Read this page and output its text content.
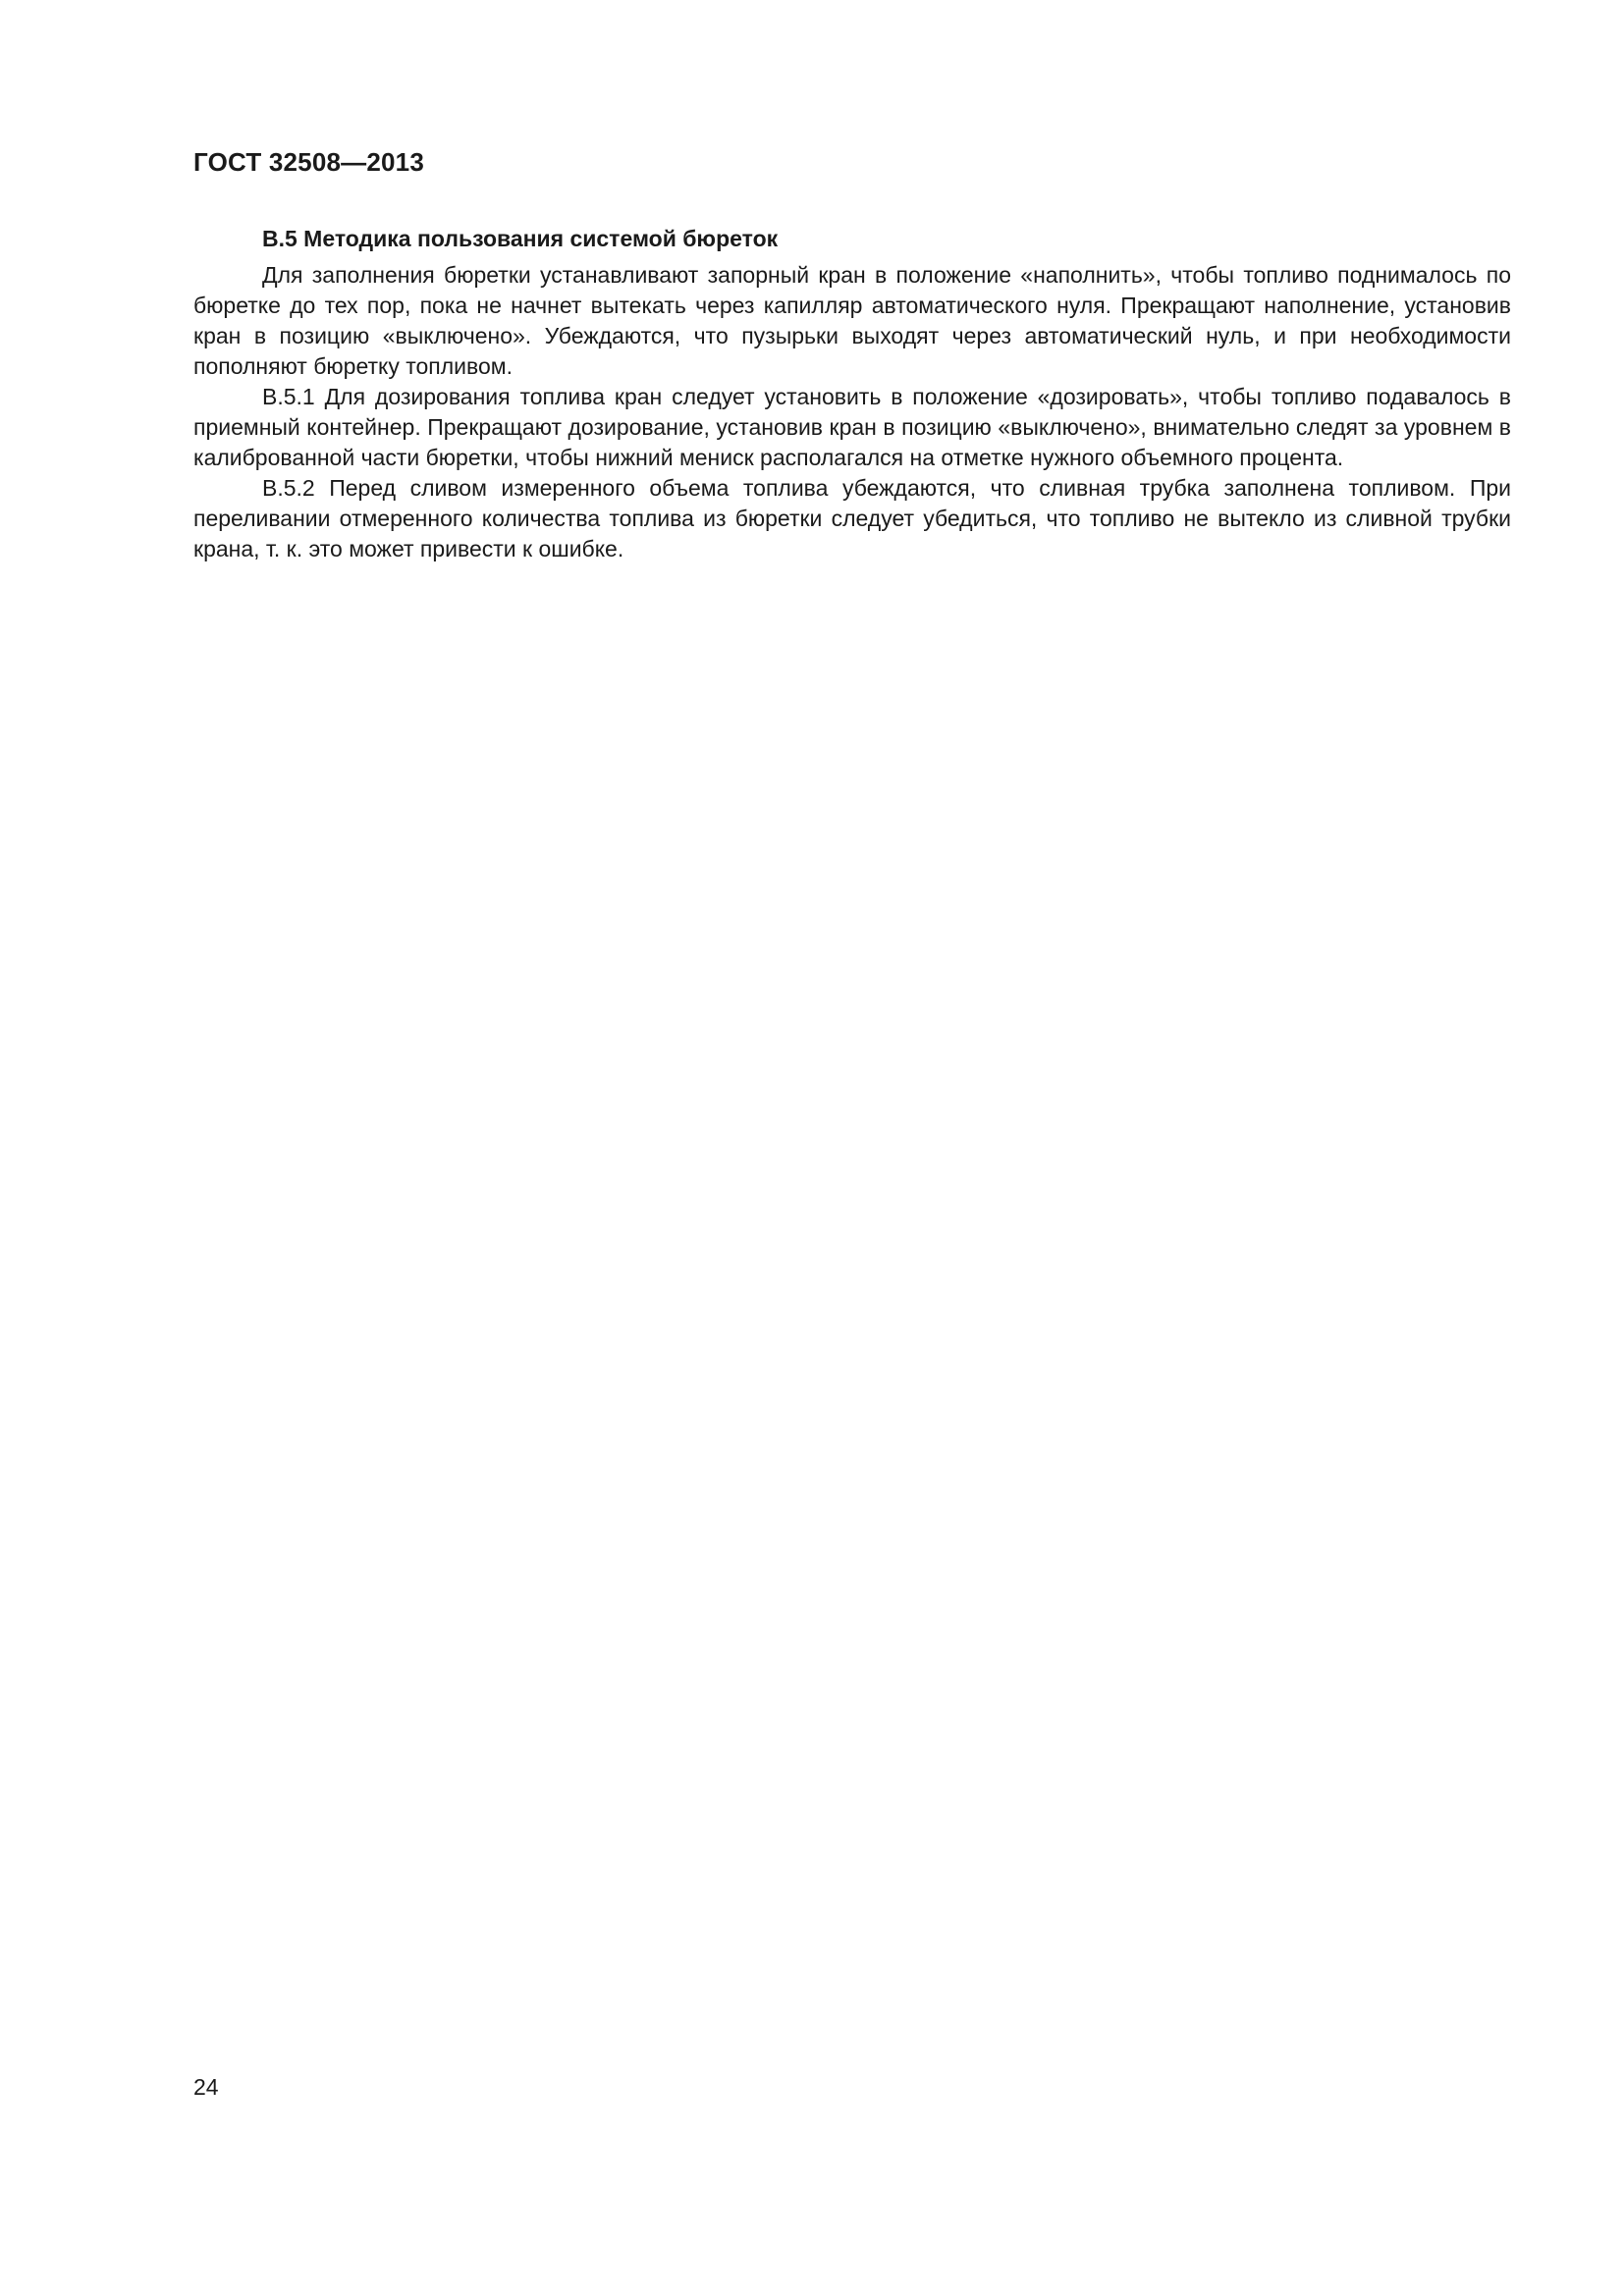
ГОСТ 32508—2013

В.5 Методика пользования системой бюреток

Для заполнения бюретки устанавливают запорный кран в положение «наполнить», чтобы топливо поднималось по бюретке до тех пор, пока не начнет вытекать через капилляр автоматического нуля. Прекращают наполнение, установив кран в позицию «выключено». Убеждаются, что пузырьки выходят через автоматический нуль, и при необходимости пополняют бюретку топливом.

В.5.1 Для дозирования топлива кран следует установить в положение «дозировать», чтобы топливо подавалось в приемный контейнер. Прекращают дозирование, установив кран в позицию «выключено», внимательно следят за уровнем в калиброванной части бюретки, чтобы нижний мениск располагался на отметке нужного объемного процента.

В.5.2 Перед сливом измеренного объема топлива убеждаются, что сливная трубка заполнена топливом. При переливании отмеренного количества топлива из бюретки следует убедиться, что топливо не вытекло из сливной трубки крана, т. к. это может привести к ошибке.

24
